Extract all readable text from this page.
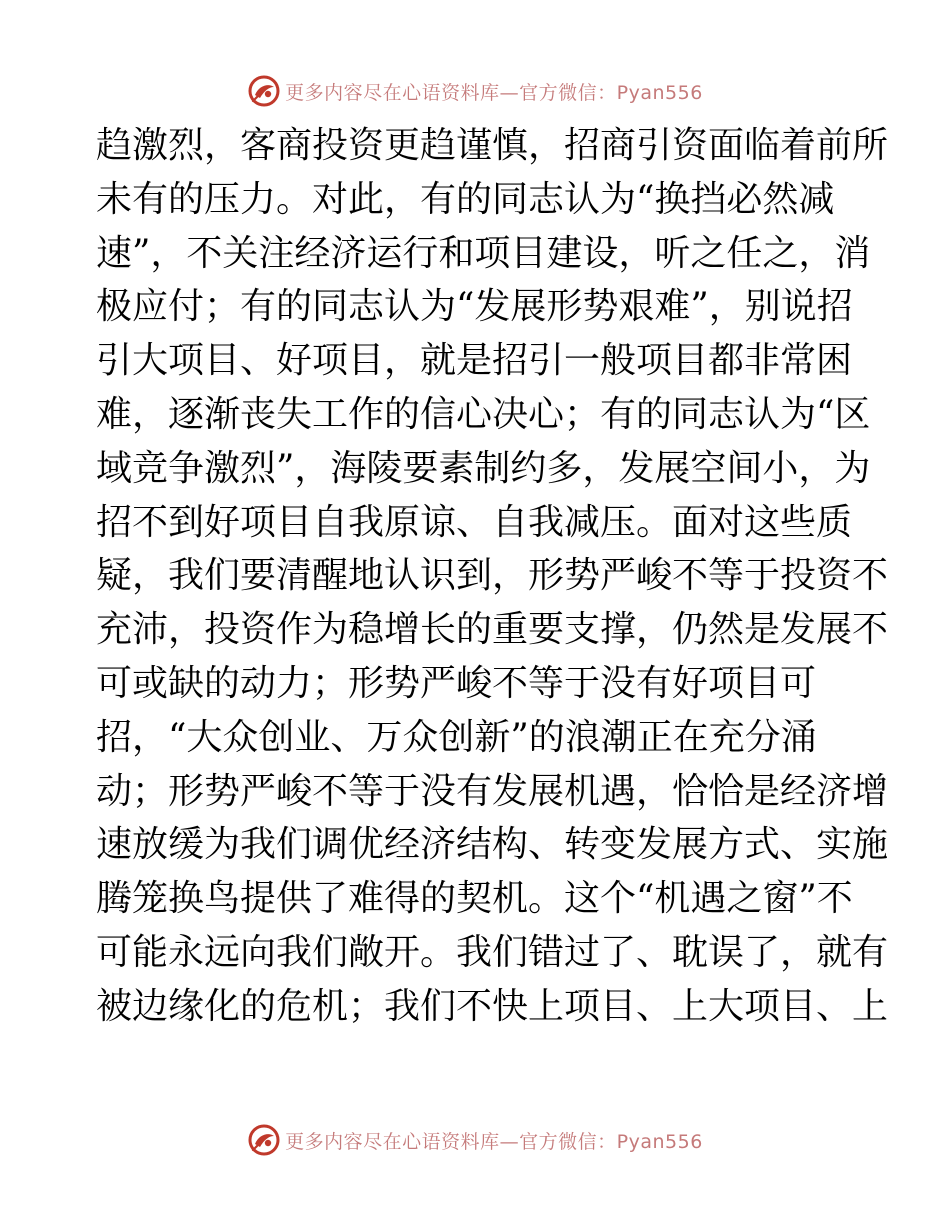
更多内容尽在心语资料库—官方微信：Pyan556
趋激烈，客商投资更趋谨慎，招商引资面临着前所
未有的压力。对此，有的同志认为“换挡必然减
速”，不关注经济运行和项目建设，听之任之，消
极应付；有的同志认为“发展形势艰难”，别说招
引大项目、好项目，就是招引一般项目都非常困
难，逐渐丧失工作的信心决心；有的同志认为“区
域竞争激烈”，海陵要素制约多，发展空间小，为
招不到好项目自我原谅、自我减压。面对这些质
疑，我们要清醒地认识到，形势严峻不等于投资不
充沛，投资作为稳增长的重要支撑，仍然是发展不
可或缺的动力；形势严峻不等于没有好项目可
招，“大众创业、万众创新”的浪潮正在充分涌
动；形势严峻不等于没有发展机遇，恰恰是经济增
速放缓为我们调优经济结构、转变发展方式、实施
腾笼换鸟提供了难得的契机。这个“机遇之窗”不
可能永远向我们敞开。我们错过了、耽误了，就有
被边缘化的危机；我们不快上项目、上大项目、上
更多内容尽在心语资料库—官方微信：Pyan556
